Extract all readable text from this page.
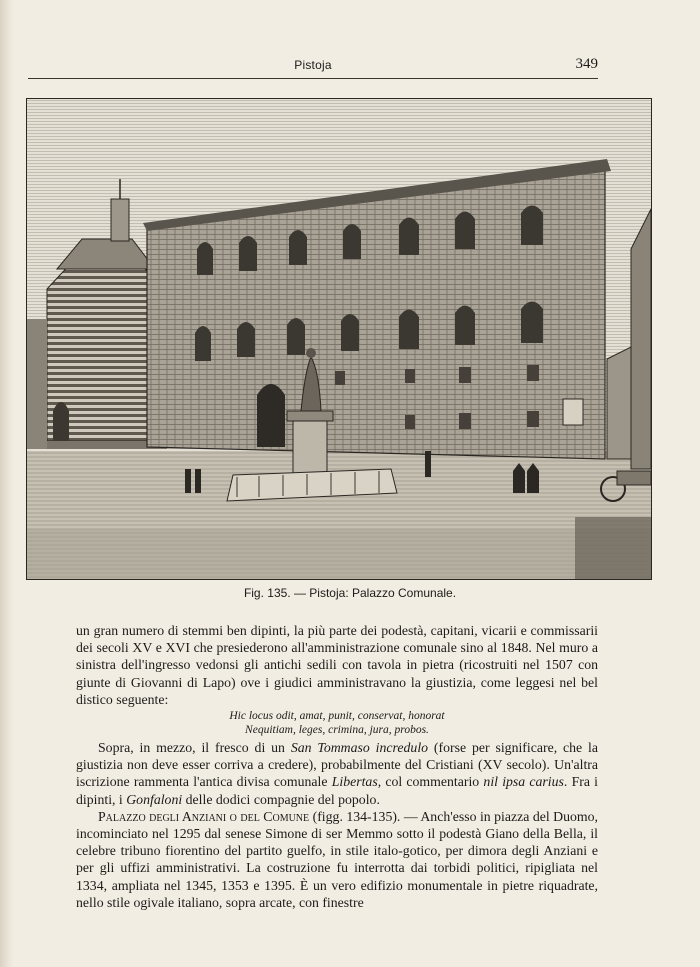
Pistoja	349
Fig. 135. — Pistoja: Palazzo Comunale.

un gran numero di stemmi ben dipinti, la più parte dei podestà, capitani, vicarii e commissarii dei secoli XV e XVI che presiederono all'amministrazione comunale sino al 1848. Nel muro a sinistra dell'ingresso vedonsi gli antichi sedili con tavola in pietra (ricostruiti nel 1507 con giunte di Giovanni di Lapo) ove i giudici amministravano la giustizia, come leggesi nel bel distico seguente:

Hic locus odit, amat, punit, conservat, honorat
Nequitiam, leges, crimina, jura, probos.

Sopra, in mezzo, il fresco di un San Tommaso incredulo (forse per significare, che la giustizia non deve esser corriva a credere), probabilmente del Cristiani (XV secolo). Un'altra iscrizione rammenta l'antica divisa comunale Libertas, col commentario nil ipsa carius. Fra i dipinti, i Gonfaloni delle dodici compagnie del popolo.

Palazzo degli Anziani o del Comune (figg. 134-135). — Anch'esso in piazza del Duomo, incominciato nel 1295 dal senese Simone di ser Memmo sotto il podestà Giano della Bella, il celebre tribuno fiorentino del partito guelfo, in stile italo-gotico, per dimora degli Anziani e per gli uffizi amministrativi. La costruzione fu interrotta dai torbidi politici, ripigliata nel 1334, ampliata nel 1345, 1353 e 1395. È un vero edifizio monumentale in pietre riquadrate, nello stile ogivale italiano, sopra arcate, con finestre
